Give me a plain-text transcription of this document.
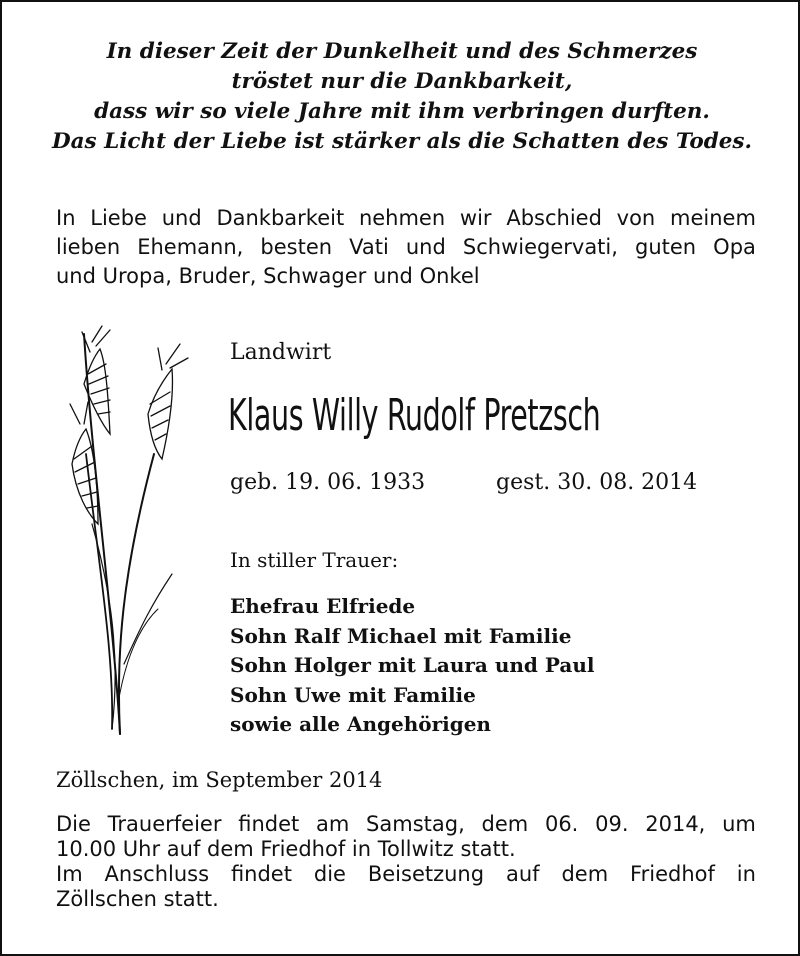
In dieser Zeit der Dunkelheit und des Schmerzes
tröstet nur die Dankbarkeit,
dass wir so viele Jahre mit ihm verbringen durften.
Das Licht der Liebe ist stärker als die Schatten des Todes.
In Liebe und Dankbarkeit nehmen wir Abschied von meinem
lieben Ehemann, besten Vati und Schwiegervati, guten Opa
und Uropa, Bruder, Schwager und Onkel
Landwirt
Klaus Willy Rudolf Pretzsch
geb. 19. 06. 1933	gest. 30. 08. 2014
In stiller Trauer:
Ehefrau Elfriede
Sohn Ralf Michael mit Familie
Sohn Holger mit Laura und Paul
Sohn Uwe mit Familie
sowie alle Angehörigen
Zöllschen, im September 2014
Die Trauerfeier findet am Samstag, dem 06. 09. 2014, um
10.00 Uhr auf dem Friedhof in Tollwitz statt.
Im Anschluss findet die Beisetzung auf dem Friedhof in
Zöllschen statt.
